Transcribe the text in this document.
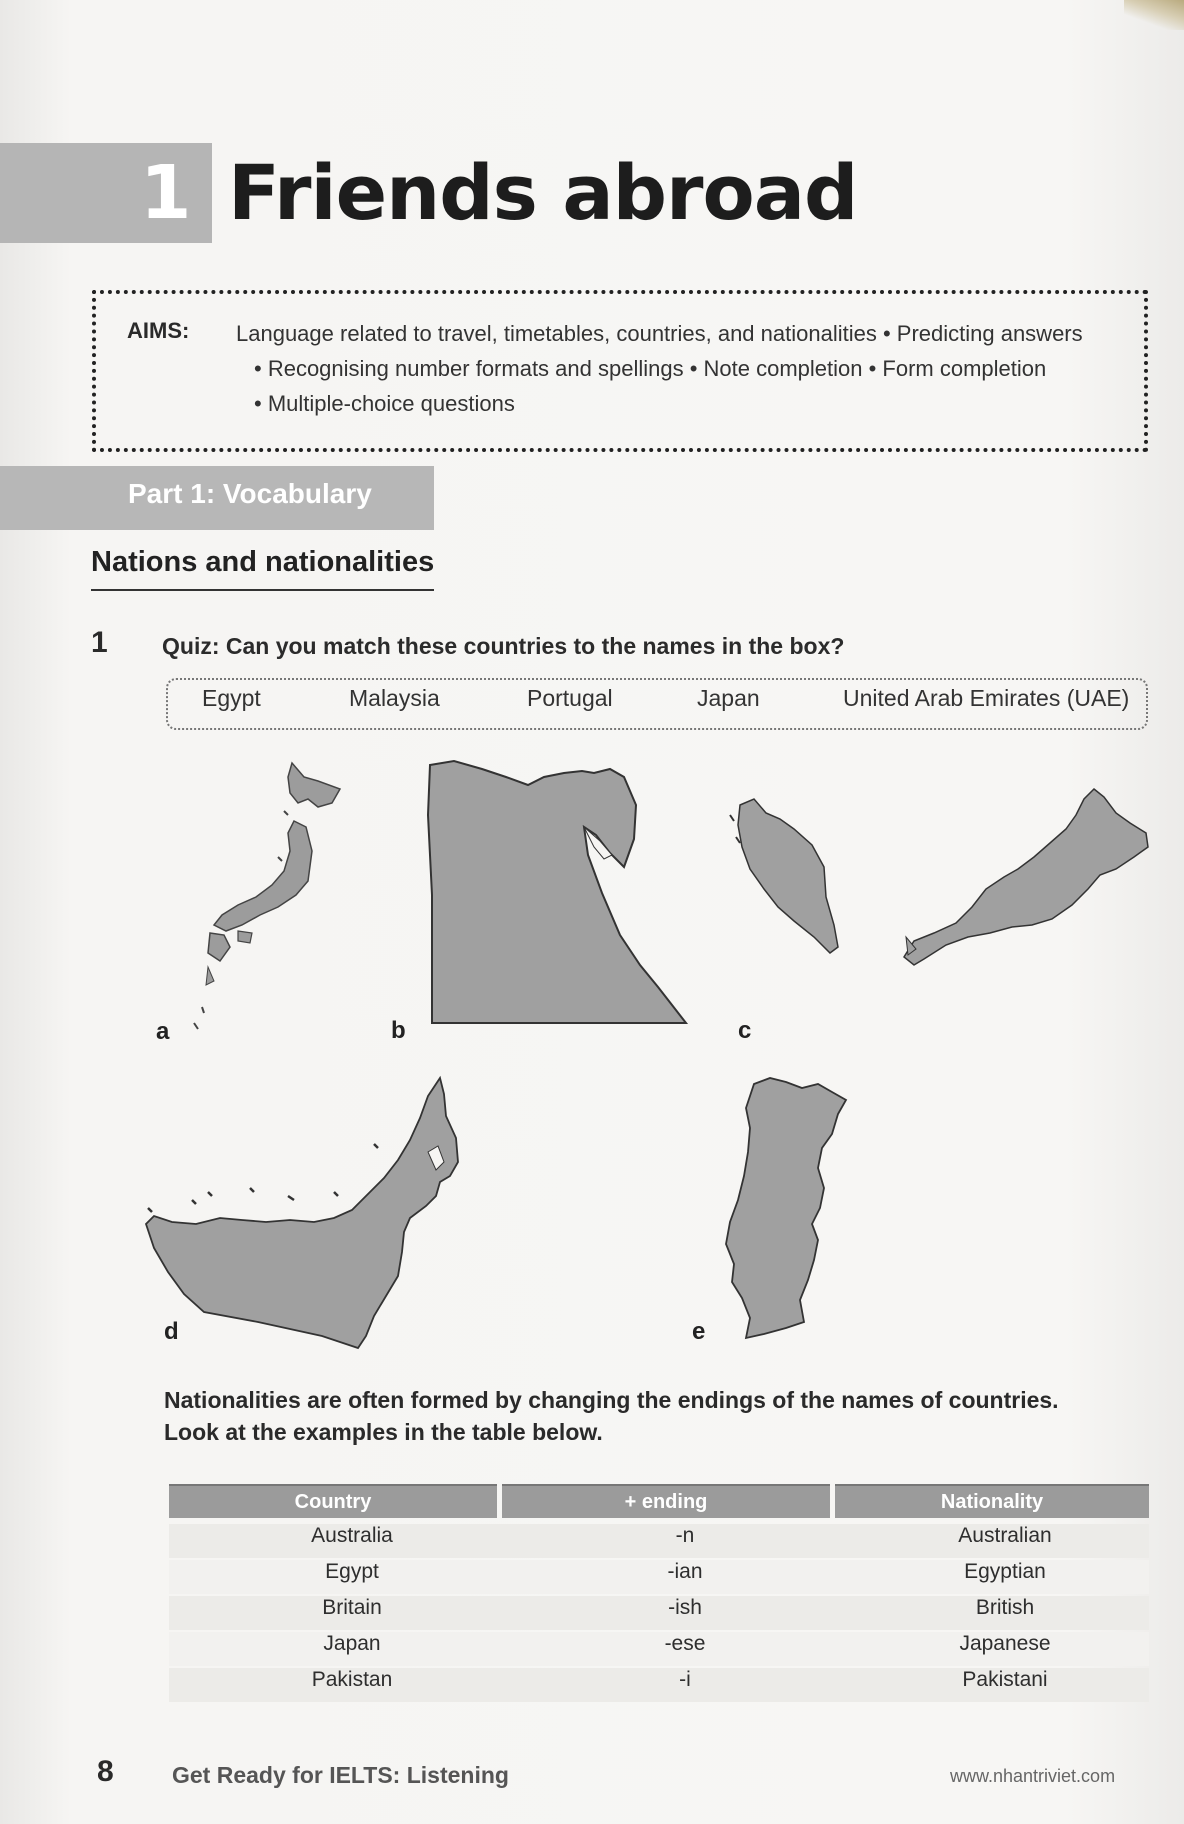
1 Friends abroad
AIMS: Language related to travel, timetables, countries, and nationalities • Predicting answers
• Recognising number formats and spellings • Note completion • Form completion
• Multiple-choice questions
Part 1: Vocabulary
Nations and nationalities
1 Quiz: Can you match these countries to the names in the box?
Egypt	Malaysia	Portugal	Japan	United Arab Emirates (UAE)
a	b	c
d	e
Nationalities are often formed by changing the endings of the names of countries.
Look at the examples in the table below.
Country	+ ending	Nationality
Australia	-n	Australian
Egypt	-ian	Egyptian
Britain	-ish	British
Japan	-ese	Japanese
Pakistan	-i	Pakistani
8	Get Ready for IELTS: Listening	www.nhantriviet.com
